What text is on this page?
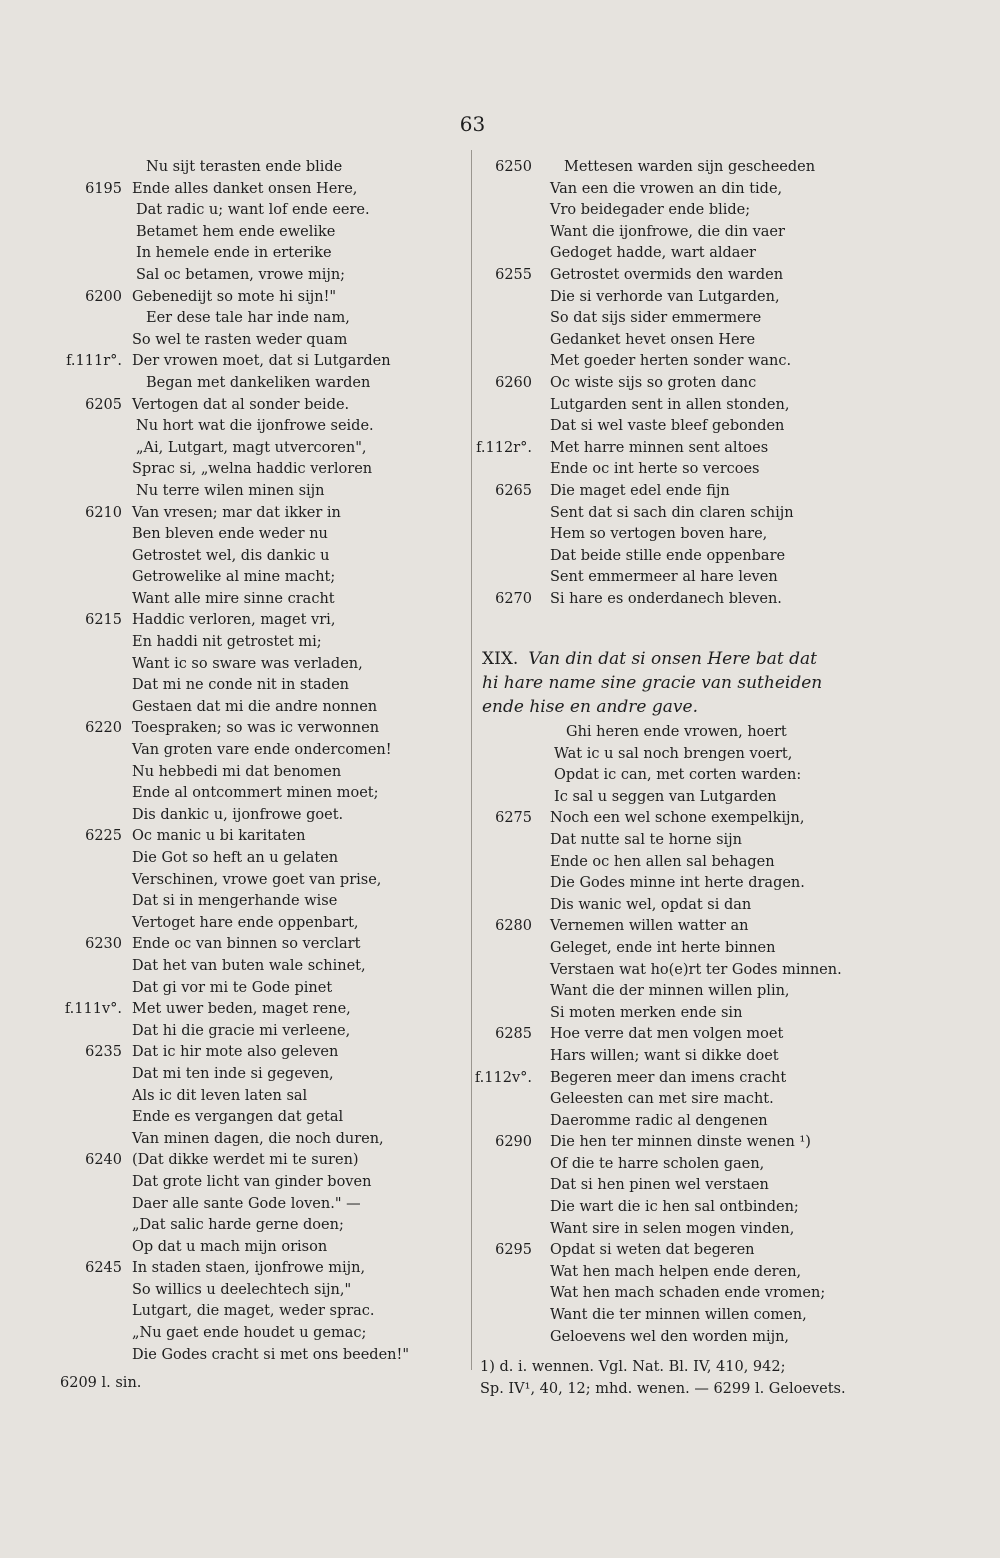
63
Nu sijt terasten ende blide
6195 Ende alles danket onsen Here,
Dat radic u; want lof ende eere.
Betamet hem ende ewelike
In hemele ende in erterike
Sal oc betamen, vrowe mijn;
6200 Gebenedijt so mote hi sijn!"
Eer dese tale har inde nam,
So wel te rasten weder quam
f.111r°. Der vrowen moet, dat si Lutgarden
Began met dankeliken warden
6205 Vertogen dat al sonder beide.
Nu hort wat die ijonfrowe seide.
„Ai, Lutgart, magt utvercoren",
Sprac si, „welna haddic verloren
Nu terre wilen minen sijn
6210 Van vresen; mar dat ikker in
Ben bleven ende weder nu
Getrostet wel, dis dankic u
Getrowelike al mine macht;
Want alle mire sinne cracht
6215 Haddic verloren, maget vri,
En haddi nit getrostet mi;
Want ic so sware was verladen,
Dat mi ne conde nit in staden
Gestaen dat mi die andre nonnen
6220 Toespraken; so was ic verwonnen
Van groten vare ende ondercomen!
Nu hebbedi mi dat benomen
Ende al ontcommert minen moet;
Dis dankic u, ijonfrowe goet.
6225 Oc manic u bi karitaten
Die Got so heft an u gelaten
Verschinen, vrowe goet van prise,
Dat si in mengerhande wise
Vertoget hare ende oppenbart,
6230 Ende oc van binnen so verclart
Dat het van buten wale schinet,
Dat gi vor mi te Gode pinet
f.111v°. Met uwer beden, maget rene,
Dat hi die gracie mi verleene,
6235 Dat ic hir mote also geleven
Dat mi ten inde si gegeven,
Als ic dit leven laten sal
Ende es vergangen dat getal
Van minen dagen, die noch duren,
6240 (Dat dikke werdet mi te suren)
Dat grote licht van ginder boven
Daer alle sante Gode loven." —
„Dat salic harde gerne doen;
Op dat u mach mijn orison
6245 In staden staen, ijonfrowe mijn,
So willics u deelechtech sijn,"
Lutgart, die maget, weder sprac.
„Nu gaet ende houdet u gemac;
Die Godes cracht si met ons beeden!"
6250	Mettesen warden sijn gescheeden
Van een die vrowen an din tide,
Vro beidegader ende blide;
Want die ijonfrowe, die din vaer
Gedoget hadde, wart aldaer
6255	Getrostet overmids den warden
Die si verhorde van Lutgarden,
So dat sijs sider emmermere
Gedanket hevet onsen Here
Met goeder herten sonder wanc.
6260	Oc wiste sijs so groten danc
Lutgarden sent in allen stonden,
Dat si wel vaste bleef gebonden
f.112r°.	Met harre minnen sent altoes
Ende oc int herte so vercoes
6265	Die maget edel ende fijn
Sent dat si sach din claren schijn
Hem so vertogen boven hare,
Dat beide stille ende oppenbare
Sent emmermeer al hare leven
6270	Si hare es onderdanech bleven.
XIX. Van din dat si onsen Here bat dat
hi hare name sine gracie van sutheiden
ende hise en andre gave.
Ghi heren ende vrowen, hoert
Wat ic u sal noch brengen voert,
Opdat ic can, met corten warden:
Ic sal u seggen van Lutgarden
6275	Noch een wel schone exempelkijn,
Dat nutte sal te horne sijn
Ende oc hen allen sal behagen
Die Godes minne int herte dragen.
Dis wanic wel, opdat si dan
6280	Vernemen willen watter an
Geleget, ende int herte binnen
Verstaen wat ho(e)rt ter Godes minnen.
Want die der minnen willen plin,
Si moten merken ende sin
6285	Hoe verre dat men volgen moet
Hars willen; want si dikke doet
f.112v°.	Begeren meer dan imens cracht
Geleesten can met sire macht.
Daeromme radic al dengenen
6290	Die hen ter minnen dinste wenen ¹)
Of die te harre scholen gaen,
Dat si hen pinen wel verstaen
Die wart die ic hen sal ontbinden;
Want sire in selen mogen vinden,
6295	Opdat si weten dat begeren
Wat hen mach helpen ende deren,
Wat hen mach schaden ende vromen;
Want die ter minnen willen comen,
Geloevens wel den worden mijn,
6209 l. sin.
1) d. i. wennen. Vgl. Nat. Bl. IV, 410, 942;
Sp. IV¹, 40, 12; mhd. wenen. — 6299 l. Geloevets.
